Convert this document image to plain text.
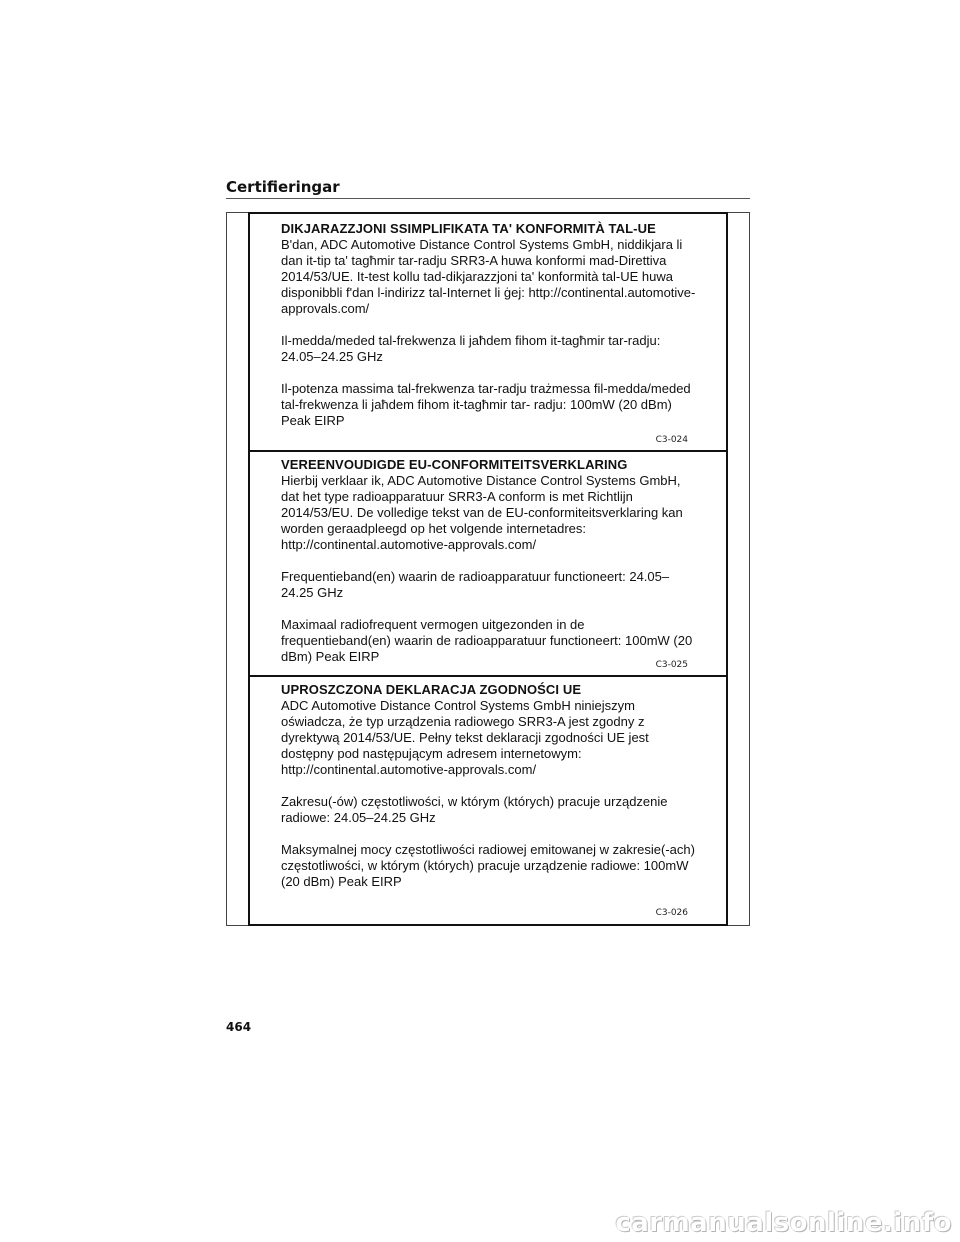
Certifieringar
DIKJARAZZJONI SSIMPLIFIKATA TA' KONFORMITÀ TAL-UE

B'dan, ADC Automotive Distance Control Systems GmbH, niddikjara li dan it-tip ta' tagħmir tar-radju SRR3-A huwa konformi mad-Direttiva 2014/53/UE. It-test kollu tad-dikjarazzjoni ta' konformità tal-UE huwa disponibbli f'dan l-indirizz tal-Internet li ġej: http://continental.automotive-approvals.com/

Il-medda/meded tal-frekwenza li jaħdem fihom it-tagħmir tar-radju: 24.05–24.25 GHz

Il-potenza massima tal-frekwenza tar-radju trażmessa fil-medda/meded tal-frekwenza li jaħdem fihom it-tagħmir tar- radju: 100mW (20 dBm) Peak EIRP

C3-024
VEREENVOUDIGDE EU-CONFORMITEITSVERKLARING

Hierbij verklaar ik, ADC Automotive Distance Control Systems GmbH, dat het type radioapparatuur SRR3-A conform is met Richtlijn 2014/53/EU. De volledige tekst van de EU-conformiteitsverklaring kan worden geraadpleegd op het volgende internetadres: http://continental.automotive-approvals.com/

Frequentieband(en) waarin de radioapparatuur functioneert: 24.05–24.25 GHz

Maximaal radiofrequent vermogen uitgezonden in de frequentieband(en) waarin de radioapparatuur functioneert: 100mW (20 dBm) Peak EIRP

C3-025
UPROSZCZONA DEKLARACJA ZGODNOŚCI UE

ADC Automotive Distance Control Systems GmbH niniejszym oświadcza, że typ urządzenia radiowego SRR3-A jest zgodny z dyrektywą 2014/53/UE. Pełny tekst deklaracji zgodności UE jest dostępny pod następującym adresem internetowym: http://continental.automotive-approvals.com/

Zakresu(-ów) częstotliwości, w którym (których) pracuje urządzenie radiowe: 24.05–24.25 GHz

Maksymalnej mocy częstotliwości radiowej emitowanej w zakresie(-ach) częstotliwości, w którym (których) pracuje urządzenie radiowe: 100mW (20 dBm) Peak EIRP

C3-026
464
carmanualsonline.info
